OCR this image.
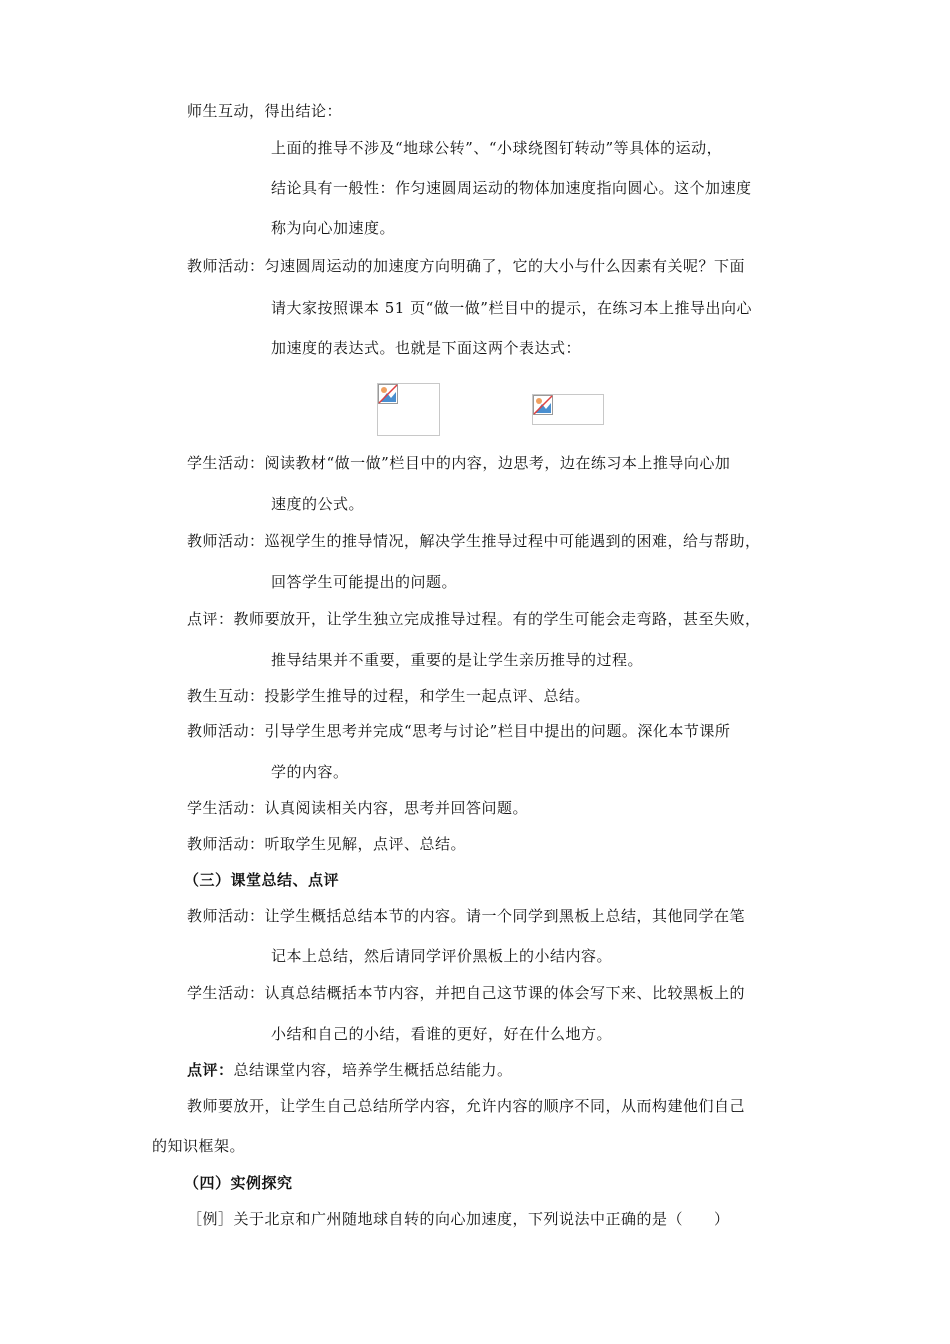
师生互动，得出结论：
上面的推导不涉及“地球公转”、“小球绕图钉转动”等具体的运动，
结论具有一般性：作匀速圆周运动的物体加速度指向圆心。这个加速度
称为向心加速度。
教师活动：匀速圆周运动的加速度方向明确了，它的大小与什么因素有关呢？下面
请大家按照课本 51 页“做一做”栏目中的提示，在练习本上推导出向心
加速度的表达式。也就是下面这两个表达式：
学生活动：阅读教材“做一做”栏目中的内容，边思考，边在练习本上推导向心加
速度的公式。
教师活动：巡视学生的推导情况，解决学生推导过程中可能遇到的困难，给与帮助，
回答学生可能提出的问题。
点评：教师要放开，让学生独立完成推导过程。有的学生可能会走弯路，甚至失败，
推导结果并不重要，重要的是让学生亲历推导的过程。
教生互动：投影学生推导的过程，和学生一起点评、总结。
教师活动：引导学生思考并完成“思考与讨论”栏目中提出的问题。深化本节课所
学的内容。
学生活动：认真阅读相关内容，思考并回答问题。
教师活动：听取学生见解，点评、总结。
（三）课堂总结、点评
教师活动：让学生概括总结本节的内容。请一个同学到黑板上总结，其他同学在笔
记本上总结，然后请同学评价黑板上的小结内容。
学生活动：认真总结概括本节内容，并把自己这节课的体会写下来、比较黑板上的
小结和自己的小结，看谁的更好，好在什么地方。
点评：总结课堂内容，培养学生概括总结能力。
教师要放开，让学生自己总结所学内容，允许内容的顺序不同，从而构建他们自己
的知识框架。
（四）实例探究
［例］关于北京和广州随地球自转的向心加速度，下列说法中正确的是（　　）
